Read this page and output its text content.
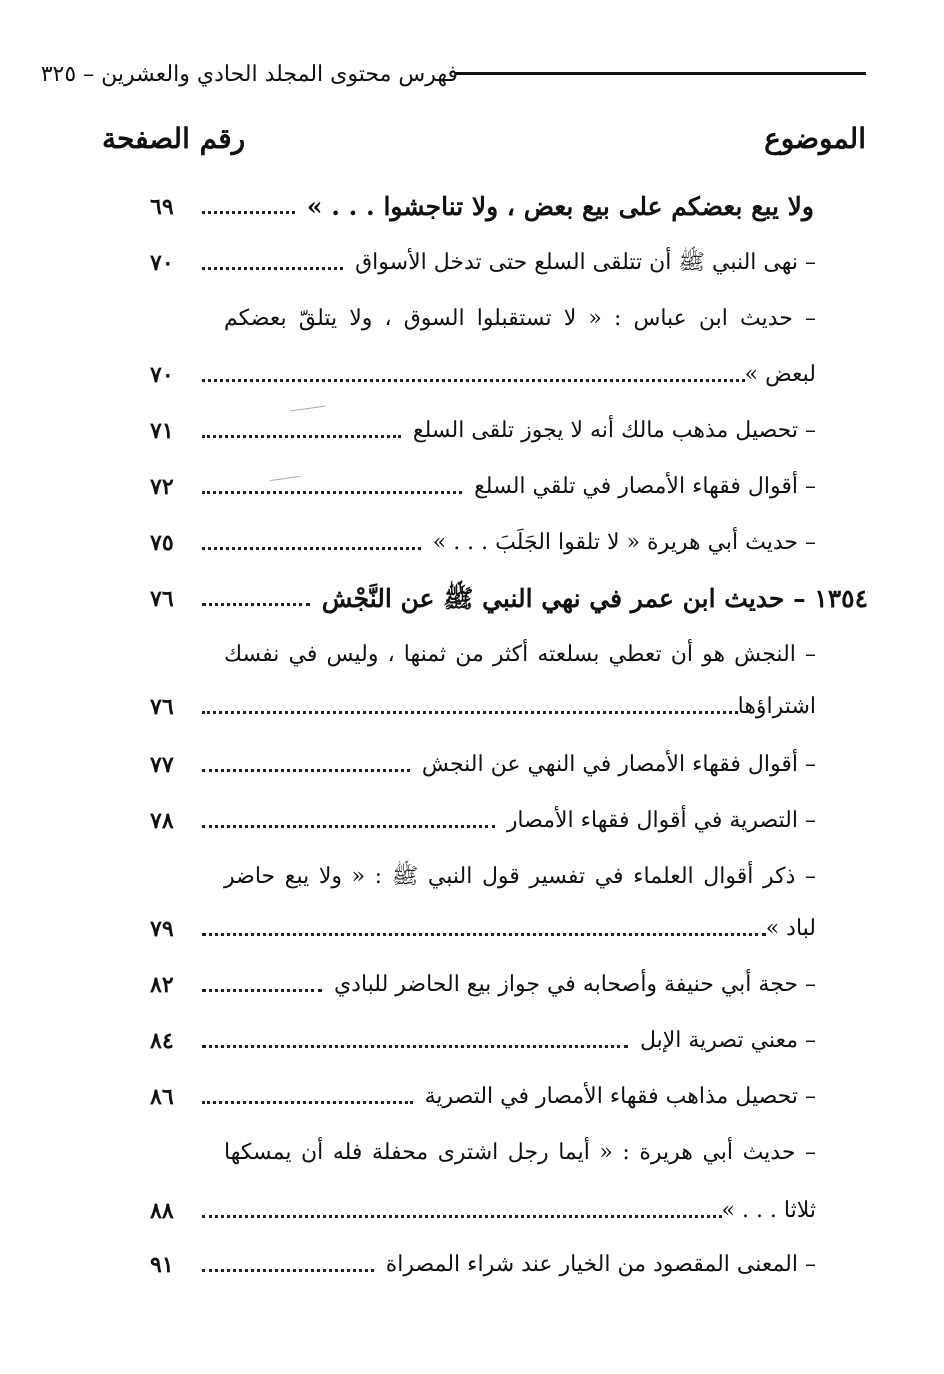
فهرس محتوى المجلد الحادي والعشرين – ٣٢٥
الموضوع
رقم الصفحة
ولا يبع بعضكم على بيع بعض ، ولا تناجشوا . . . »
٦٩
– نهى النبي ﷺ أن تتلقى السلع حتى تدخل الأسواق
٧٠
– حديث ابن عباس : « لا تستقبلوا السوق ، ولا يتلقّ بعضكم
لبعض »
٧٠
– تحصيل مذهب مالك أنه لا يجوز تلقى السلع
٧١
– أقوال فقهاء الأمصار في تلقي السلع
٧٢
– حديث أبي هريرة « لا تلقوا الجَلَبَ . . . »
٧٥
١٣٥٤ – حديث ابن عمر في نهي النبي ﷺ عن النَّجْش
٧٦
– النجش هو أن تعطي بسلعته أكثر من ثمنها ، وليس في نفسك
اشتراؤها
٧٦
– أقوال فقهاء الأمصار في النهي عن النجش
٧٧
– التصرية في أقوال فقهاء الأمصار
٧٨
– ذكر أقوال العلماء في تفسير قول النبي ﷺ : « ولا يبع حاضر
لباد »
٧٩
– حجة أبي حنيفة وأصحابه في جواز بيع الحاضر للبادي
٨٢
– معني تصرية الإبل
٨٤
– تحصيل مذاهب فقهاء الأمصار في التصرية
٨٦
– حديث أبي هريرة : « أيما رجل اشترى محفلة فله أن يمسكها
ثلاثا . . . »
٨٨
– المعنى المقصود من الخيار عند شراء المصراة
٩١
